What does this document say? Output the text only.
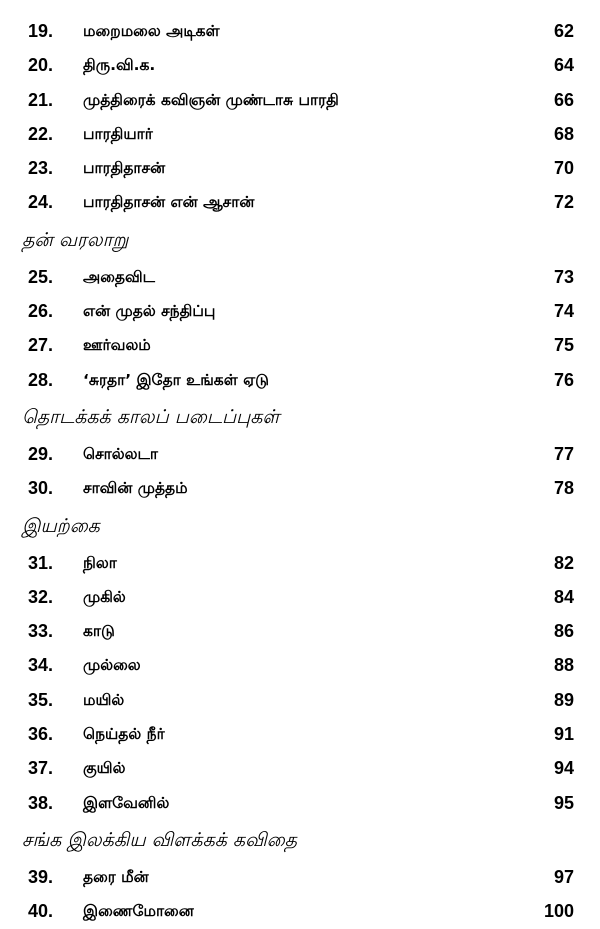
19.	மறைமலை அடிகள்	62
20.	திரு.வி.க.	64
21.	முத்திரைக் கவிஞன் முண்டாசு பாரதி	66
22.	பாரதியார்	68
23.	பாரதிதாசன்	70
24.	பாரதிதாசன் என் ஆசான்	72
தன் வரலாறு
25.	அதைவிட	73
26.	என் முதல் சந்திப்பு	74
27.	ஊர்வலம்	75
28.	‘சுரதா’ இதோ உங்கள் ஏடு	76
தொடக்கக் காலப் படைப்புகள்
29.	சொல்லடா	77
30.	சாவின் முத்தம்	78
இயற்கை
31.	நிலா	82
32.	முகில்	84
33.	காடு	86
34.	முல்லை	88
35.	மயில்	89
36.	நெய்தல் நீர்	91
37.	குயில்	94
38.	இளவேனில்	95
சங்க இலக்கிய விளக்கக் கவிதை
39.	தரை மீன்	97
40.	இணைமோனை	100
